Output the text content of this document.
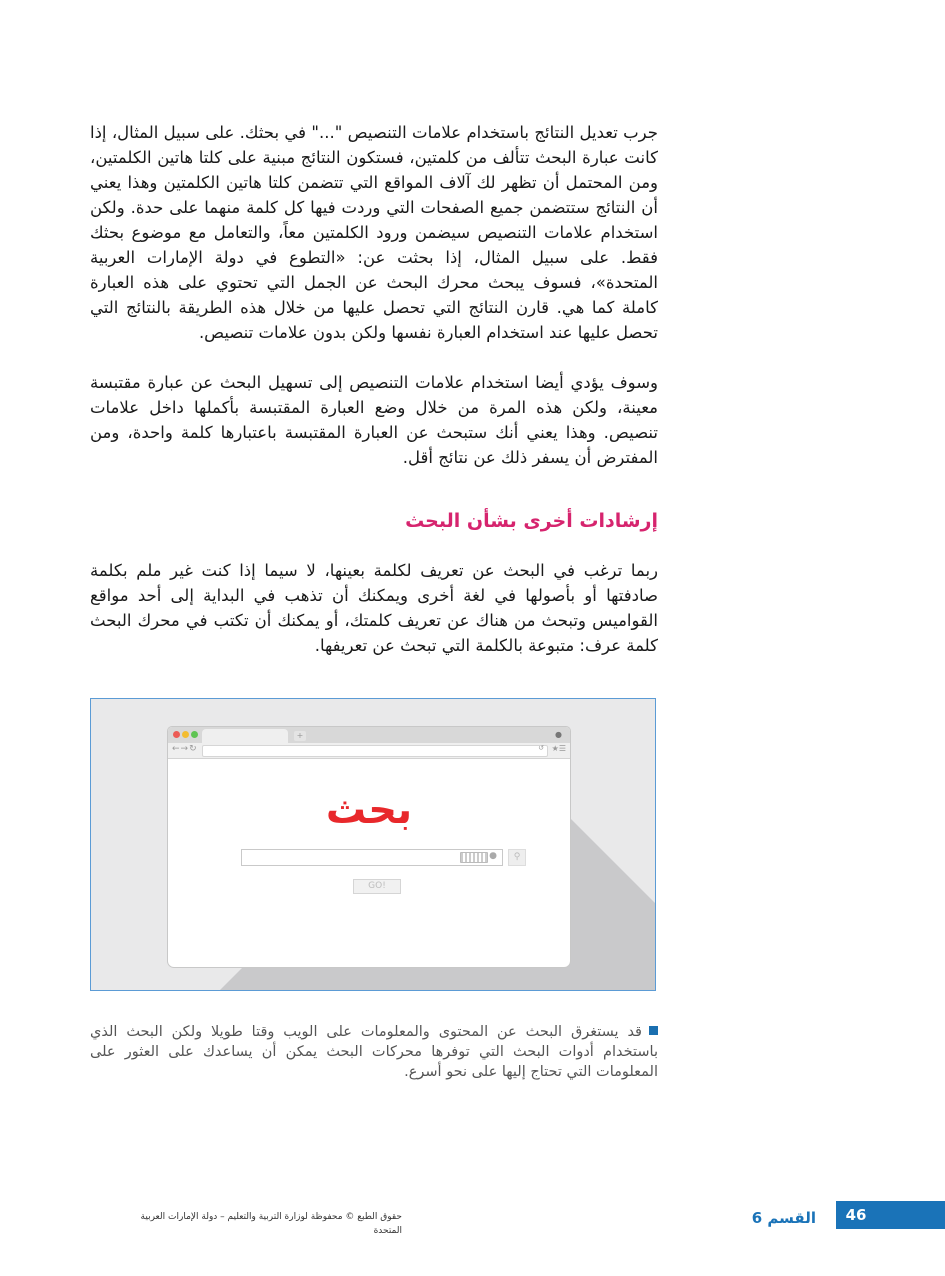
جرب تعديل النتائج باستخدام علامات التنصيص "..." في بحثك. على سبيل المثال، إذا كانت عبارة البحث تتألف من كلمتين، فستكون النتائج مبنية على كلتا هاتين الكلمتين، ومن المحتمل أن تظهر لك آلاف المواقع التي تتضمن كلتا هاتين الكلمتين وهذا يعني أن النتائج ستتضمن جميع الصفحات التي وردت فيها كل كلمة منهما على حدة. ولكن استخدام علامات التنصيص سيضمن ورود الكلمتين معاً، والتعامل مع موضوع بحثك فقط. على سبيل المثال، إذا بحثت عن: «التطوع في دولة الإمارات العربية المتحدة»، فسوف يبحث محرك البحث عن الجمل التي تحتوي على هذه العبارة كاملة كما هي. قارن النتائج التي تحصل عليها من خلال هذه الطريقة بالنتائج التي تحصل عليها عند استخدام العبارة نفسها ولكن بدون علامات تنصيص.

وسوف يؤدي أيضا استخدام علامات التنصيص إلى تسهيل البحث عن عبارة مقتبسة معينة، ولكن هذه المرة من خلال وضع العبارة المقتبسة بأكملها داخل علامات تنصيص. وهذا يعني أنك ستبحث عن العبارة المقتبسة باعتبارها كلمة واحدة، ومن المفترض أن يسفر ذلك عن نتائج أقل.

إرشادات أخرى بشأن البحث

ربما ترغب في البحث عن تعريف لكلمة بعينها، لا سيما إذا كنت غير ملم بكلمة صادفتها أو بأصولها في لغة أخرى ويمكنك أن تذهب في البداية إلى أحد مواقع القواميس وتبحث من هناك عن تعريف كلمتك، أو يمكنك أن تكتب في محرك البحث كلمة عرف: متبوعة بالكلمة التي تبحث عن تعريفها.

+	●
←→↻	↺ ★☰
بحث
●	⚲
GO!
قد يستغرق البحث عن المحتوى والمعلومات على الويب وقتا طويلا ولكن البحث الذي باستخدام أدوات البحث التي توفرها محركات البحث يمكن أن يساعدك على العثور على المعلومات التي تحتاج إليها على نحو أسرع.
46
القسم 6
حقوق الطبع © محفوظة لوزارة التربية والتعليم – دولة الإمارات العربية المتحدة
